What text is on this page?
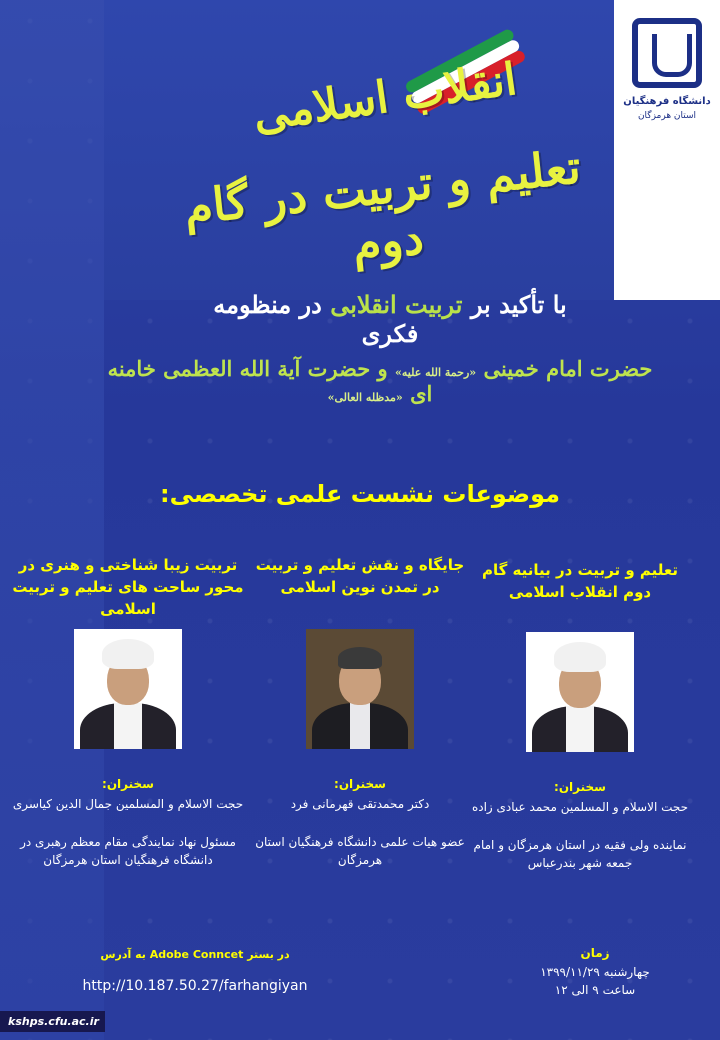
دانشگاه فرهنگیان
استان هرمزگان
انقلاب اسلامی
تعلیم و تربیت در گام دوم
با تأکید بر تربیت انقلابی در منظومه فکری
حضرت امام خمینی «رحمة الله علیه» و حضرت آیة الله العظمی خامنه ای «مدظله العالی»
موضوعات نشست علمی تخصصی:
تعلیم و تربیت در بیانیه گام دوم انقلاب اسلامی
سخنران:
حجت الاسلام و المسلمین محمد عبادی زاده
نماینده ولی فقیه در استان هرمزگان و امام جمعه شهر بندرعباس
جایگاه و نقش تعلیم و تربیت در تمدن نوین اسلامی
سخنران:
دکتر محمدتقی قهرمانی فرد
عضو هیات علمی دانشگاه فرهنگیان استان هرمزگان
تربیت زیبا شناختی و هنری در محور ساحت های تعلیم و تربیت اسلامی
سخنران:
حجت الاسلام و المسلمین جمال الدین کیاسری
مسئول نهاد نمایندگی مقام معظم رهبری در دانشگاه فرهنگیان استان هرمزگان
زمان
چهارشنبه ۱۳۹۹/۱۱/۲۹
ساعت ۹ الی ۱۲
در بستر Adobe Conncet به آدرس
http://10.187.50.27/farhangiyan
kshps.cfu.ac.ir
